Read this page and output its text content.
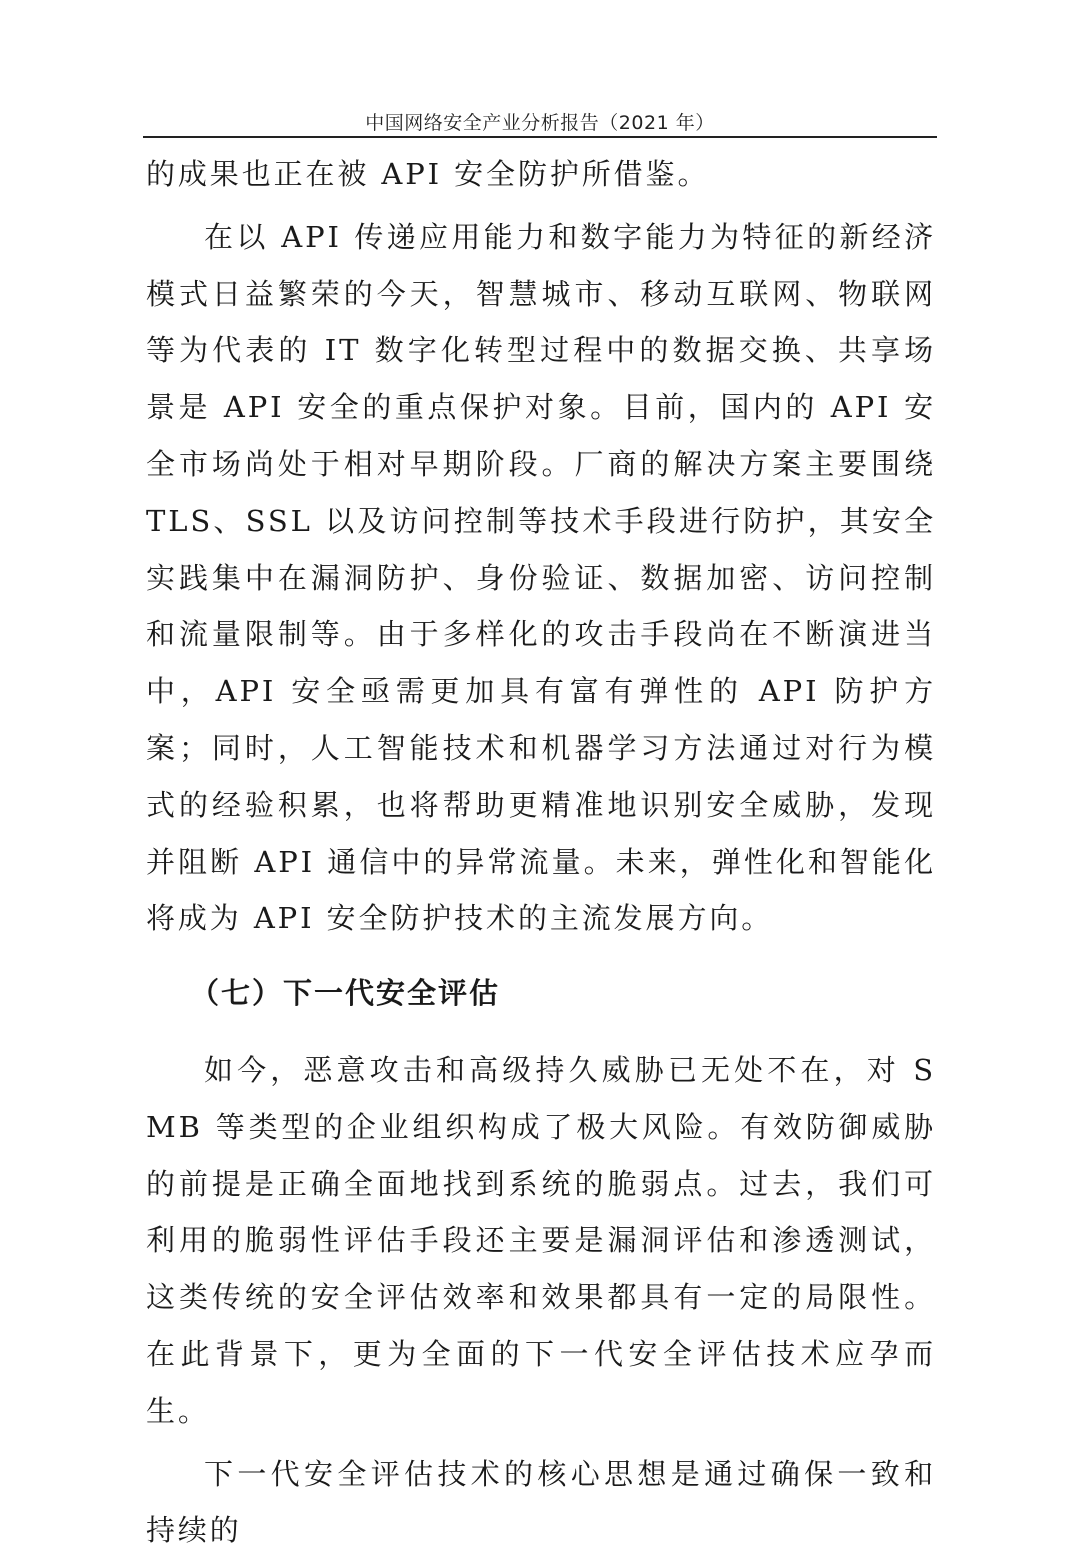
中国网络安全产业分析报告（2021 年）

的成果也正在被 API 安全防护所借鉴。

在以 API 传递应用能力和数字能力为特征的新经济模式日益繁荣的今天，智慧城市、移动互联网、物联网等为代表的 IT 数字化转型过程中的数据交换、共享场景是 API 安全的重点保护对象。目前，国内的 API 安全市场尚处于相对早期阶段。厂商的解决方案主要围绕 TLS、SSL 以及访问控制等技术手段进行防护，其安全实践集中在漏洞防护、身份验证、数据加密、访问控制和流量限制等。由于多样化的攻击手段尚在不断演进当中，API 安全亟需更加具有富有弹性的 API 防护方案；同时，人工智能技术和机器学习方法通过对行为模式的经验积累，也将帮助更精准地识别安全威胁，发现并阻断 API 通信中的异常流量。未来，弹性化和智能化将成为 API 安全防护技术的主流发展方向。

（七）下一代安全评估

如今，恶意攻击和高级持久威胁已无处不在，对 SMB 等类型的企业组织构成了极大风险。有效防御威胁的前提是正确全面地找到系统的脆弱点。过去，我们可利用的脆弱性评估手段还主要是漏洞评估和渗透测试，这类传统的安全评估效率和效果都具有一定的局限性。在此背景下，更为全面的下一代安全评估技术应孕而生。

下一代安全评估技术的核心思想是通过确保一致和持续的
